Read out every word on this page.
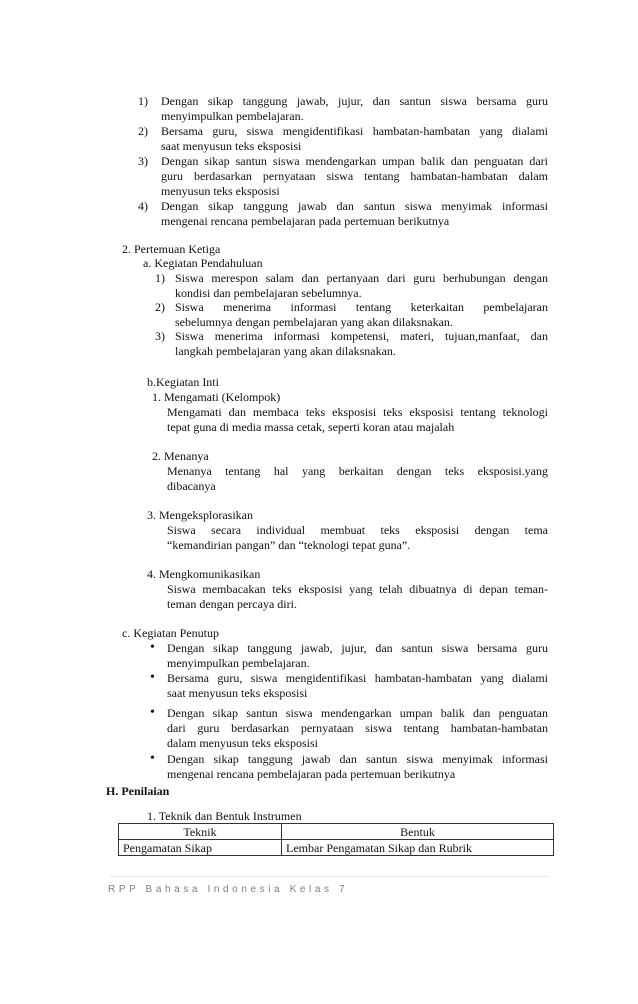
1) Dengan sikap tanggung jawab, jujur, dan santun siswa bersama guru
menyimpulkan pembelajaran.
2) Bersama guru, siswa mengidentifikasi hambatan-hambatan yang dialami
saat menyusun teks eksposisi
3) Dengan sikap santun siswa mendengarkan umpan balik dan penguatan dari
guru berdasarkan pernyataan siswa tentang hambatan-hambatan dalam
menyusun teks eksposisi
4) Dengan sikap tanggung jawab dan santun siswa menyimak informasi
mengenai rencana pembelajaran pada pertemuan berikutnya
2. Pertemuan Ketiga
a. Kegiatan Pendahuluan
1) Siswa merespon salam dan pertanyaan dari guru berhubungan dengan
kondisi dan pembelajaran sebelumnya.
2) Siswa menerima informasi tentang keterkaitan pembelajaran
sebelumnya dengan pembelajaran yang akan dilaksnakan.
3) Siswa menerima informasi kompetensi, materi, tujuan,manfaat, dan
langkah pembelajaran yang akan dilaksnakan.
b.Kegiatan Inti
1. Mengamati (Kelompok)
Mengamati dan membaca teks eksposisi teks eksposisi tentang teknologi
tepat guna di media massa cetak, seperti koran atau majalah
2. Menanya
Menanya tentang hal yang berkaitan dengan teks eksposisi.yang
dibacanya
3. Mengeksplorasikan
Siswa secara individual membuat teks eksposisi dengan tema
“kemandirian pangan” dan “teknologi tepat guna”.
4. Mengkomunikasikan
Siswa membacakan teks eksposisi yang telah dibuatnya di depan teman-
teman dengan percaya diri.
c. Kegiatan Penutup
• Dengan sikap tanggung jawab, jujur, dan santun siswa bersama guru
menyimpulkan pembelajaran.
• Bersama guru, siswa mengidentifikasi hambatan-hambatan yang dialami
saat menyusun teks eksposisi
• Dengan sikap santun siswa mendengarkan umpan balik dan penguatan
dari guru berdasarkan pernyataan siswa tentang hambatan-hambatan
dalam menyusun teks eksposisi
• Dengan sikap tanggung jawab dan santun siswa menyimak informasi
mengenai rencana pembelajaran pada pertemuan berikutnya
H. Penilaian
1. Teknik dan Bentuk Instrumen
Teknik	Bentuk
Pengamatan Sikap	Lembar Pengamatan Sikap dan Rubrik
RPP Bahasa Indonesia Kelas 7
